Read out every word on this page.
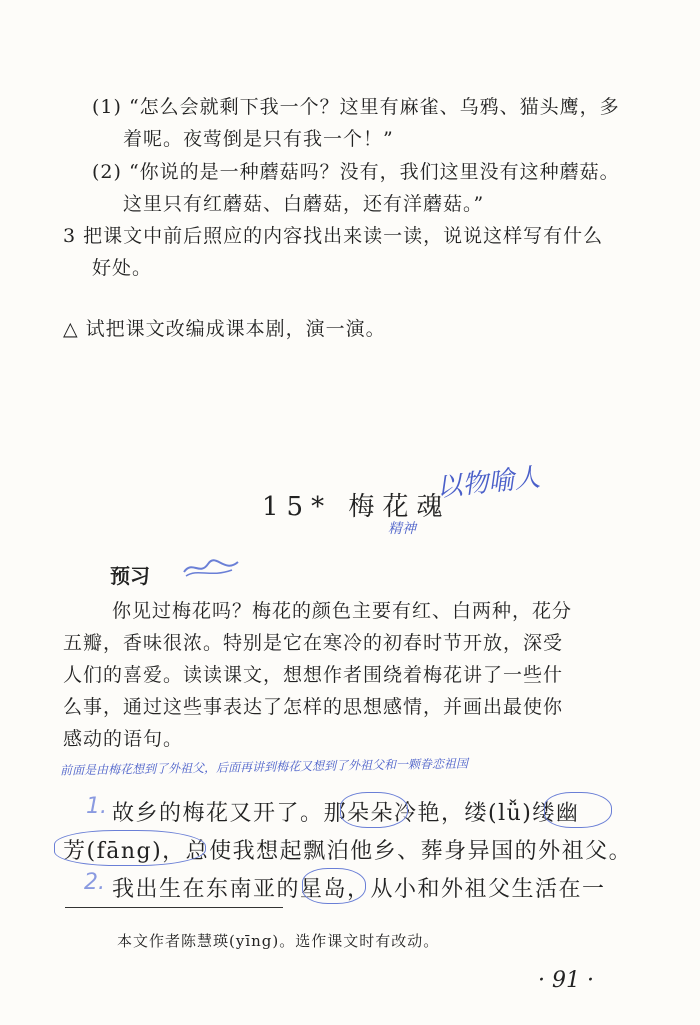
(1) “怎么会就剩下我一个？这里有麻雀、乌鸦、猫头鹰，多
着呢。夜莺倒是只有我一个！”
(2) “你说的是一种蘑菇吗？没有，我们这里没有这种蘑菇。
这里只有红蘑菇、白蘑菇，还有洋蘑菇。”
3 把课文中前后照应的内容找出来读一读，说说这样写有什么
好处。
△ 试把课文改编成课本剧，演一演。
15* 梅花魂
以物喻人
精神
预习
你见过梅花吗？梅花的颜色主要有红、白两种，花分
五瓣，香味很浓。特别是它在寒冷的初春时节开放，深受
人们的喜爱。读读课文，想想作者围绕着梅花讲了一些什
么事，通过这些事表达了怎样的思想感情，并画出最使你
感动的语句。
前面是由梅花想到了外祖父，后面再讲到梅花又想到了外祖父和一颗眷恋祖国
1. 故乡的梅花又开了。那朵朵冷艳，缕(lǚ)缕幽
芳(fāng)，总使我想起飘泊他乡、葬身异国的外祖父。
2. 我出生在东南亚的星岛，从小和外祖父生活在一
本文作者陈慧瑛(yīng)。选作课文时有改动。
· 91 ·
